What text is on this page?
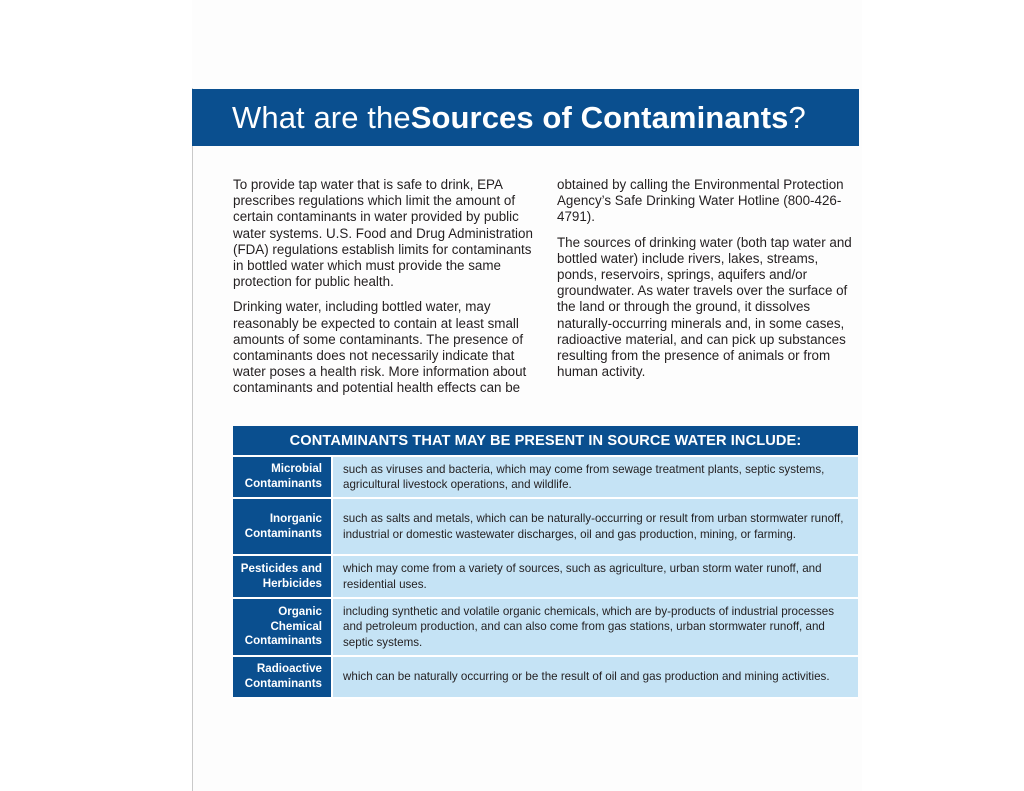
What are the Sources of Contaminants ?

To provide tap water that is safe to drink, EPA prescribes regulations which limit the amount of certain contaminants in water provided by public water systems. U.S. Food and Drug Administration (FDA) regulations establish limits for contaminants in bottled water which must provide the same protection for public health.

Drinking water, including bottled water, may reasonably be expected to contain at least small amounts of some contaminants. The presence of contaminants does not necessarily indicate that water poses a health risk. More information about contaminants and potential health effects can be

obtained by calling the Environmental Protection Agency’s Safe Drinking Water Hotline (800-426-4791).

The sources of drinking water (both tap water and bottled water) include rivers, lakes, streams, ponds, reservoirs, springs, aquifers and/or groundwater. As water travels over the surface of the land or through the ground, it dissolves naturally-occurring minerals and, in some cases, radioactive material, and can pick up substances resulting from the presence of animals or from human activity.

CONTAMINANTS THAT MAY BE PRESENT IN SOURCE WATER INCLUDE:
Microbial
Contaminants
such as viruses and bacteria, which may come from sewage treatment plants, septic systems, agricultural livestock operations, and wildlife.
Inorganic
Contaminants
such as salts and metals, which can be naturally-occurring or result from urban stormwater runoff, industrial or domestic wastewater discharges, oil and gas production, mining, or farming.
Pesticides and
Herbicides
which may come from a variety of sources, such as agriculture, urban storm water runoff, and residential uses.
Organic
Chemical
Contaminants
including synthetic and volatile organic chemicals, which are by-products of industrial processes and petroleum production, and can also come from gas stations, urban stormwater runoff, and septic systems.
Radioactive
Contaminants
which can be naturally occurring or be the result of oil and gas production and mining activities.
